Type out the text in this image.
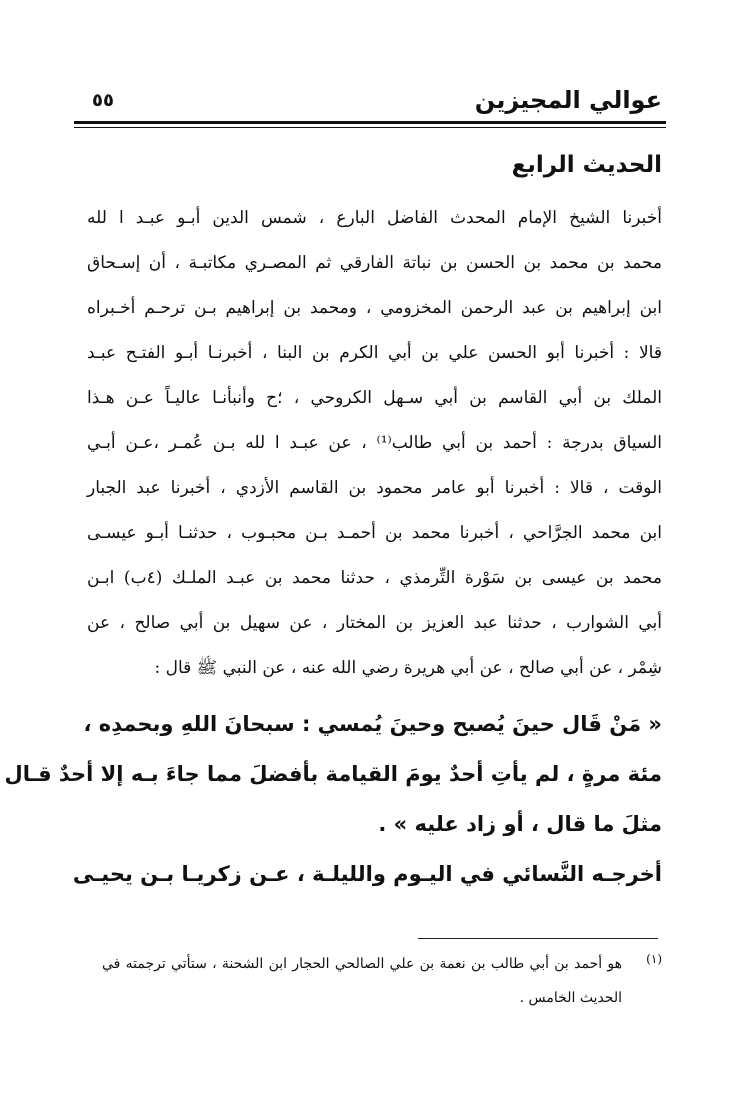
عوالي المجيزين
٥٥
الحديث الرابع
أخبرنا الشيخ الإمام المحدث الفاضل البارع ، شمس الدين أبـو عبـد ا لله
محمد بن محمد بن الحسن بن نباتة الفارقي ثم المصـري مكاتبـة ، أن إسـحاق
ابن إبراهيم بن عبد الرحمن المخزومي ، ومحمد بن إبراهيم بـن ترحـم أخـبراه
قالا : أخبرنا أبو الحسن علي بن أبي الكرم بن البنا ، أخبرنـا أبـو الفتـح عبـد
الملك بن أبي القاسم بن أبي سـهل الكروحي ، ؛ح وأنبأنـا عاليـاً عـن هـذا
السياق بدرجة : أحمد بن أبي طالب⁽¹⁾ ، عن عبـد ا لله بـن عُمـر ،عـن أبـي
الوقت ، قالا : أخبرنا أبو عامر محمود بن القاسم الأزدي ، أخبرنا عبد الجبار
ابن محمد الجرَّاحي ، أخبرنا محمد بن أحمـد بـن محبـوب ، حدثنـا أبـو عيسـى
محمد بن عيسى بن سَوْرة التِّرمذي ، حدثنا محمد بن عبـد الملـك (٤ب) ابـن
أبي الشوارب ، حدثنا عبد العزيز بن المختار ، عن سهيل بن أبي صالح ، عن
شِمْر ، عن أبي صالح ، عن أبي هريرة رضي الله عنه ، عن النبي ﷺ قال :
« مَنْ قَال حينَ يُصبح وحينَ يُمسي : سبحانَ اللهِ وبحمدِه ،
مئة مرةٍ ، لم يأتِ أحدٌ يومَ القيامة بأفضلَ مما جاءَ بـه إلا أحدٌ قـال
مثلَ ما قال ، أو زاد عليه » .
أخرجـه النَّسائي في اليـوم والليلـة ، عـن زكريـا بـن يحيـى
(١)
هو أحمد بن أبي طالب بن نعمة بن علي الصالحي الحجار ابن الشحنة ، ستأتي ترجمته في
الحديث الخامس .
